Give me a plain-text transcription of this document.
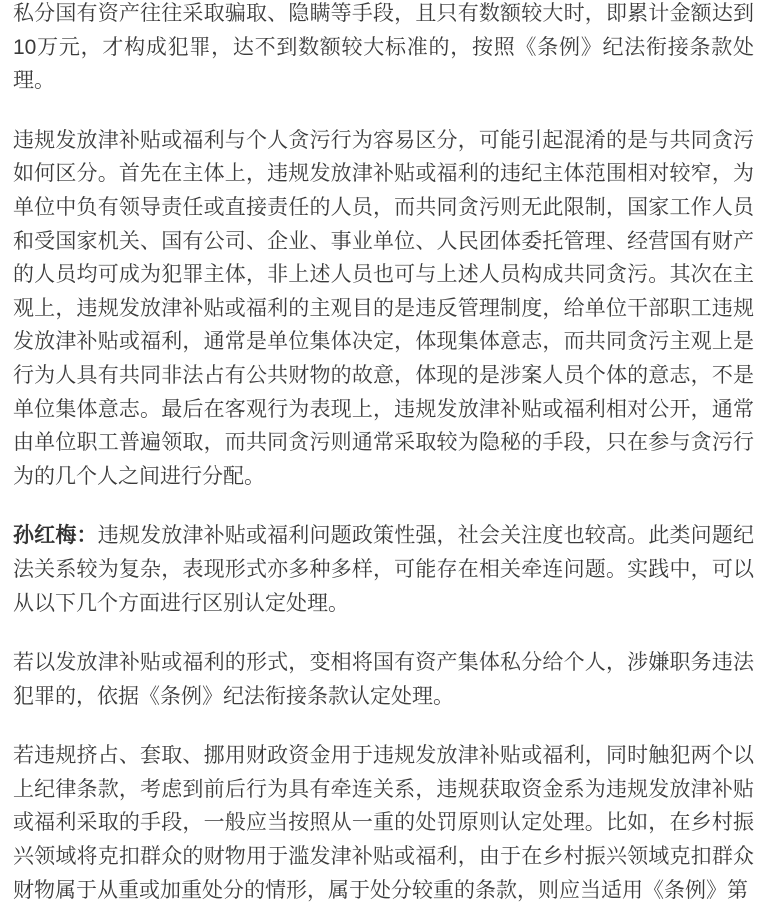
私分国有资产往往采取骗取、隐瞒等手段，且只有数额较大时，即累计金额达到10万元，才构成犯罪，达不到数额较大标准的，按照《条例》纪法衔接条款处理。

违规发放津补贴或福利与个人贪污行为容易区分，可能引起混淆的是与共同贪污如何区分。首先在主体上，违规发放津补贴或福利的违纪主体范围相对较窄，为单位中负有领导责任或直接责任的人员，而共同贪污则无此限制，国家工作人员和受国家机关、国有公司、企业、事业单位、人民团体委托管理、经营国有财产的人员均可成为犯罪主体，非上述人员也可与上述人员构成共同贪污。其次在主观上，违规发放津补贴或福利的主观目的是违反管理制度，给单位干部职工违规发放津补贴或福利，通常是单位集体决定，体现集体意志，而共同贪污主观上是行为人具有共同非法占有公共财物的故意，体现的是涉案人员个体的意志，不是单位集体意志。最后在客观行为表现上，违规发放津补贴或福利相对公开，通常由单位职工普遍领取，而共同贪污则通常采取较为隐秘的手段，只在参与贪污行为的几个人之间进行分配。

孙红梅：违规发放津补贴或福利问题政策性强，社会关注度也较高。此类问题纪法关系较为复杂，表现形式亦多种多样，可能存在相关牵连问题。实践中，可以从以下几个方面进行区别认定处理。

若以发放津补贴或福利的形式，变相将国有资产集体私分给个人，涉嫌职务违法犯罪的，依据《条例》纪法衔接条款认定处理。

若违规挤占、套取、挪用财政资金用于违规发放津补贴或福利，同时触犯两个以上纪律条款，考虑到前后行为具有牵连关系，违规获取资金系为违规发放津补贴或福利采取的手段，一般应当按照从一重的处罚原则认定处理。比如，在乡村振兴领域将克扣群众的财物用于滥发津补贴或福利，由于在乡村振兴领域克扣群众财物属于从重或加重处分的情形，属于处分较重的条款，则应当适用《条例》第
